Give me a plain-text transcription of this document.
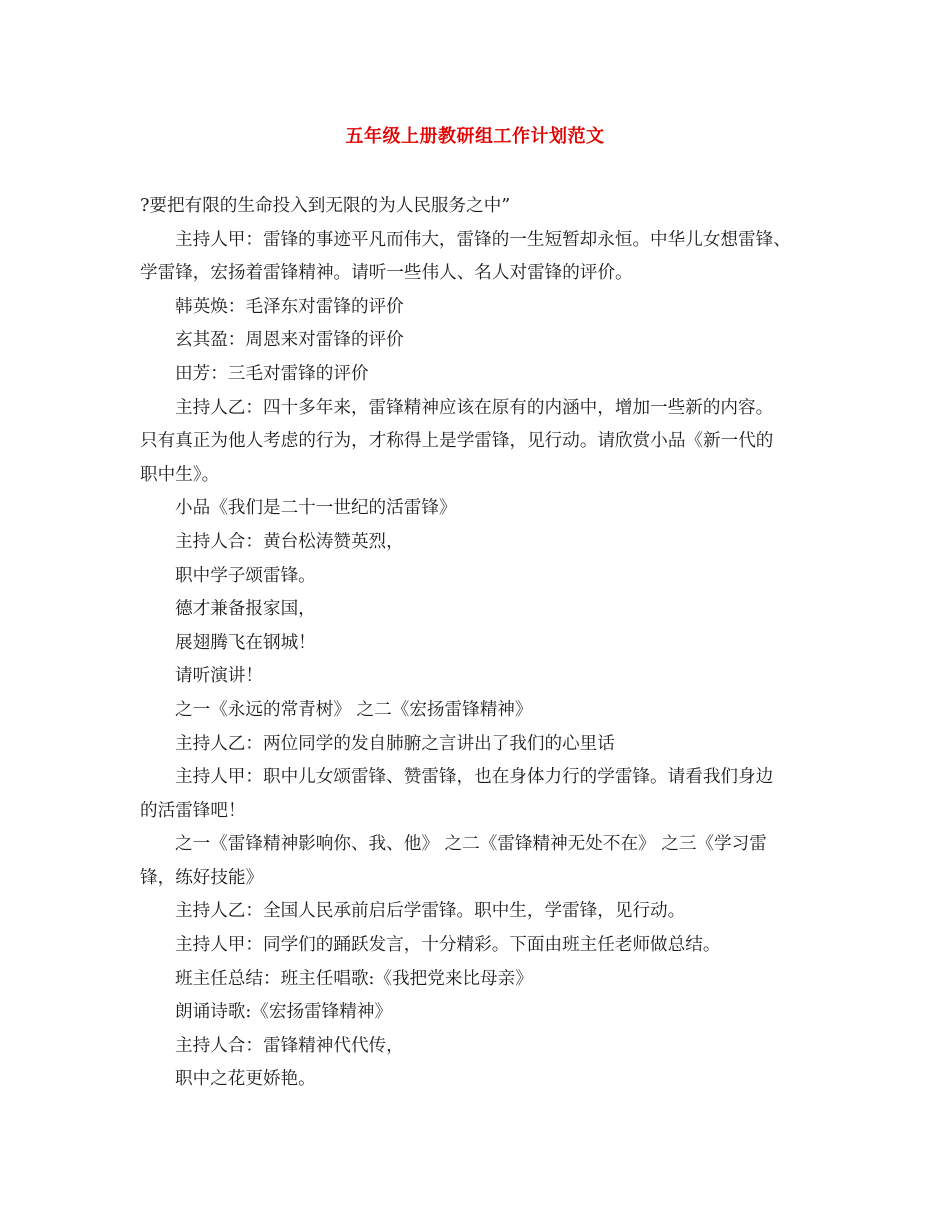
五年级上册教研组工作计划范文

?要把有限的生命投入到无限的为人民服务之中”

主持人甲：雷锋的事迹平凡而伟大，雷锋的一生短暂却永恒。中华儿女想雷锋、

学雷锋，宏扬着雷锋精神。请听一些伟人、名人对雷锋的评价。

韩英焕：毛泽东对雷锋的评价

玄其盈：周恩来对雷锋的评价

田芳：三毛对雷锋的评价

主持人乙：四十多年来，雷锋精神应该在原有的内涵中，增加一些新的内容。

只有真正为他人考虑的行为，才称得上是学雷锋，见行动。请欣赏小品《新一代的

职中生》。

小品《我们是二十一世纪的活雷锋》

主持人合：黄台松涛赞英烈，

职中学子颂雷锋。

德才兼备报家国，

展翅腾飞在钢城！

请听演讲！

之一《永远的常青树》 之二《宏扬雷锋精神》

主持人乙：两位同学的发自肺腑之言讲出了我们的心里话

主持人甲：职中儿女颂雷锋、赞雷锋，也在身体力行的学雷锋。请看我们身边

的活雷锋吧！

之一《雷锋精神影响你、我、他》 之二《雷锋精神无处不在》 之三《学习雷

锋，练好技能》

主持人乙：全国人民承前启后学雷锋。职中生，学雷锋，见行动。

主持人甲：同学们的踊跃发言，十分精彩。下面由班主任老师做总结。

班主任总结：班主任唱歌:《我把党来比母亲》

朗诵诗歌:《宏扬雷锋精神》

主持人合：雷锋精神代代传，

职中之花更娇艳。
